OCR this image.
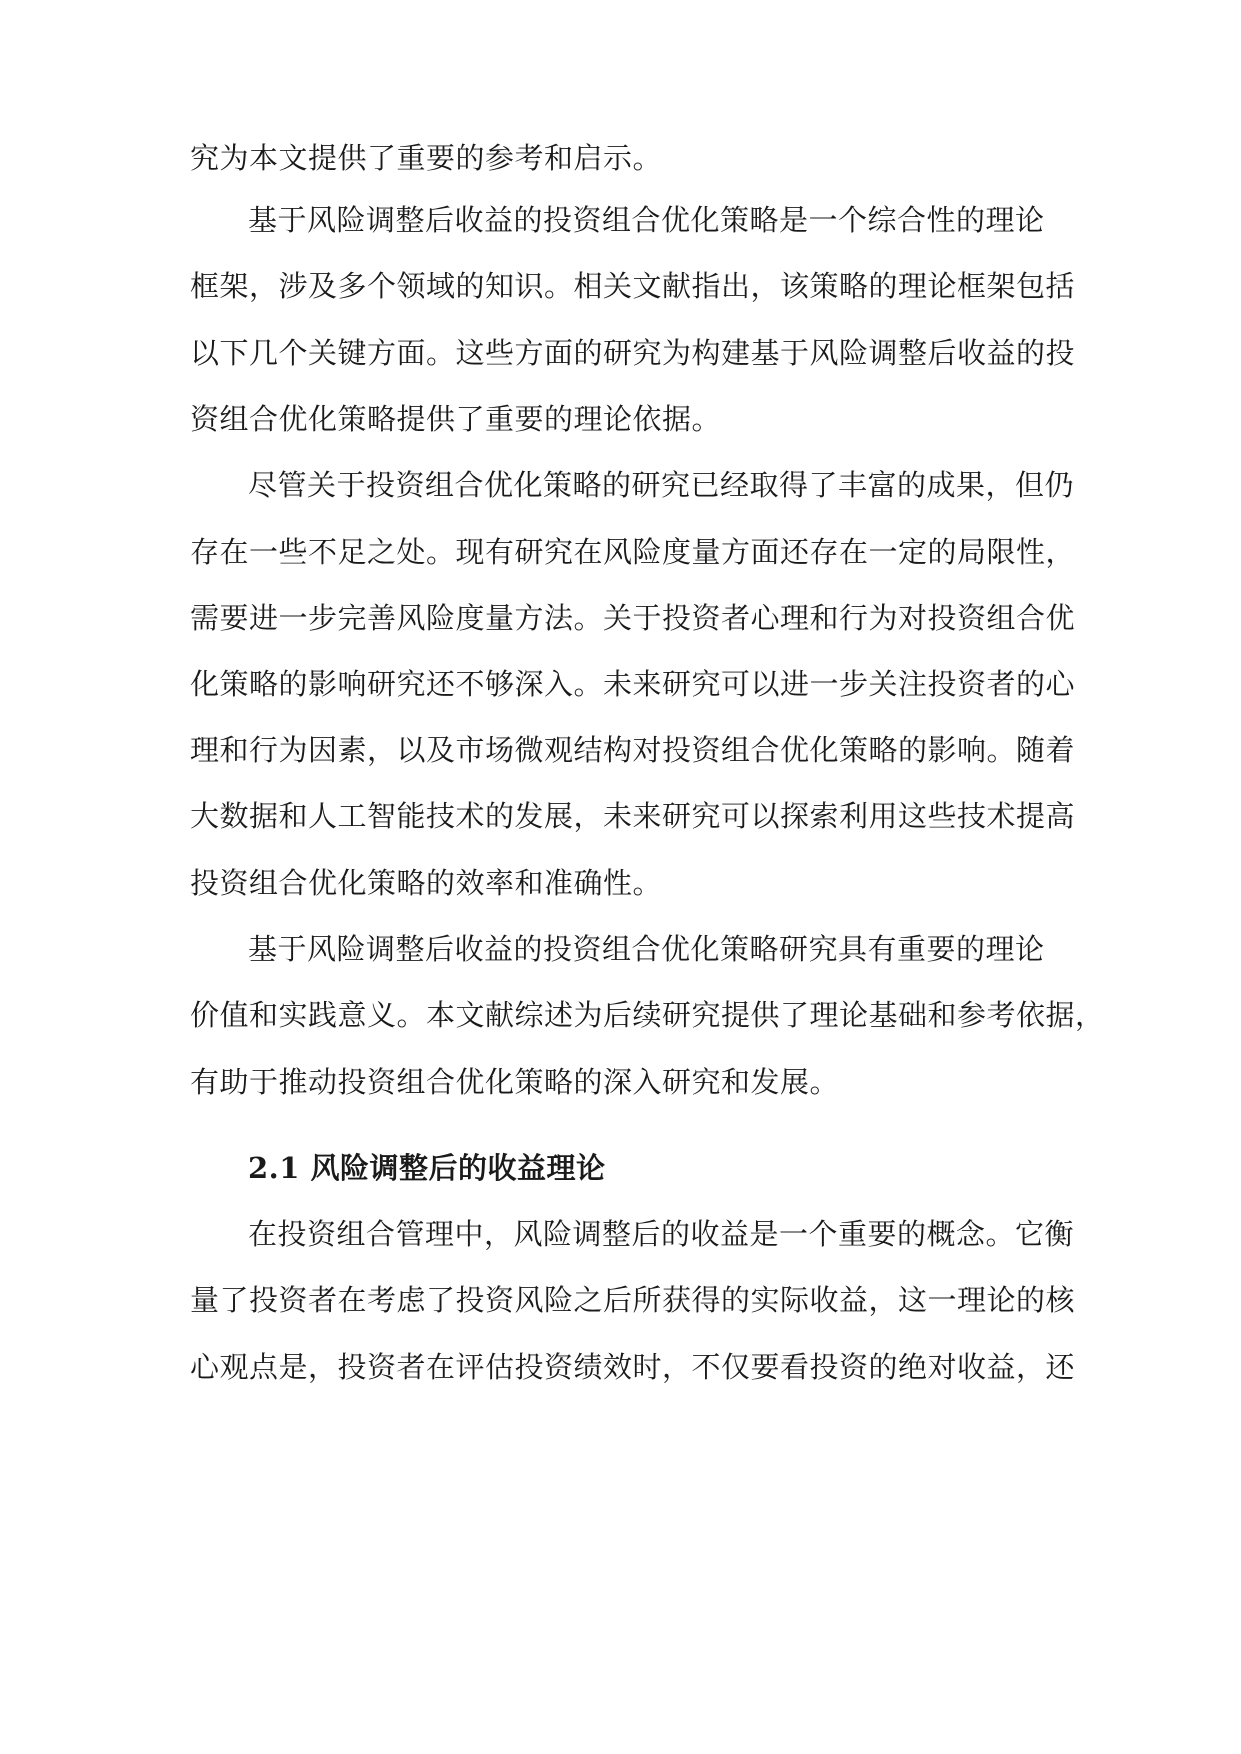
究为本文提供了重要的参考和启示。
基于风险调整后收益的投资组合优化策略是一个综合性的理论
框架，涉及多个领域的知识。相关文献指出，该策略的理论框架包括
以下几个关键方面。这些方面的研究为构建基于风险调整后收益的投
资组合优化策略提供了重要的理论依据。
尽管关于投资组合优化策略的研究已经取得了丰富的成果，但仍
存在一些不足之处。现有研究在风险度量方面还存在一定的局限性，
需要进一步完善风险度量方法。关于投资者心理和行为对投资组合优
化策略的影响研究还不够深入。未来研究可以进一步关注投资者的心
理和行为因素，以及市场微观结构对投资组合优化策略的影响。随着
大数据和人工智能技术的发展，未来研究可以探索利用这些技术提高
投资组合优化策略的效率和准确性。
基于风险调整后收益的投资组合优化策略研究具有重要的理论
价值和实践意义。本文献综述为后续研究提供了理论基础和参考依据，
有助于推动投资组合优化策略的深入研究和发展。
2.1 风险调整后的收益理论
在投资组合管理中，风险调整后的收益是一个重要的概念。它衡
量了投资者在考虑了投资风险之后所获得的实际收益，这一理论的核
心观点是，投资者在评估投资绩效时，不仅要看投资的绝对收益，还
